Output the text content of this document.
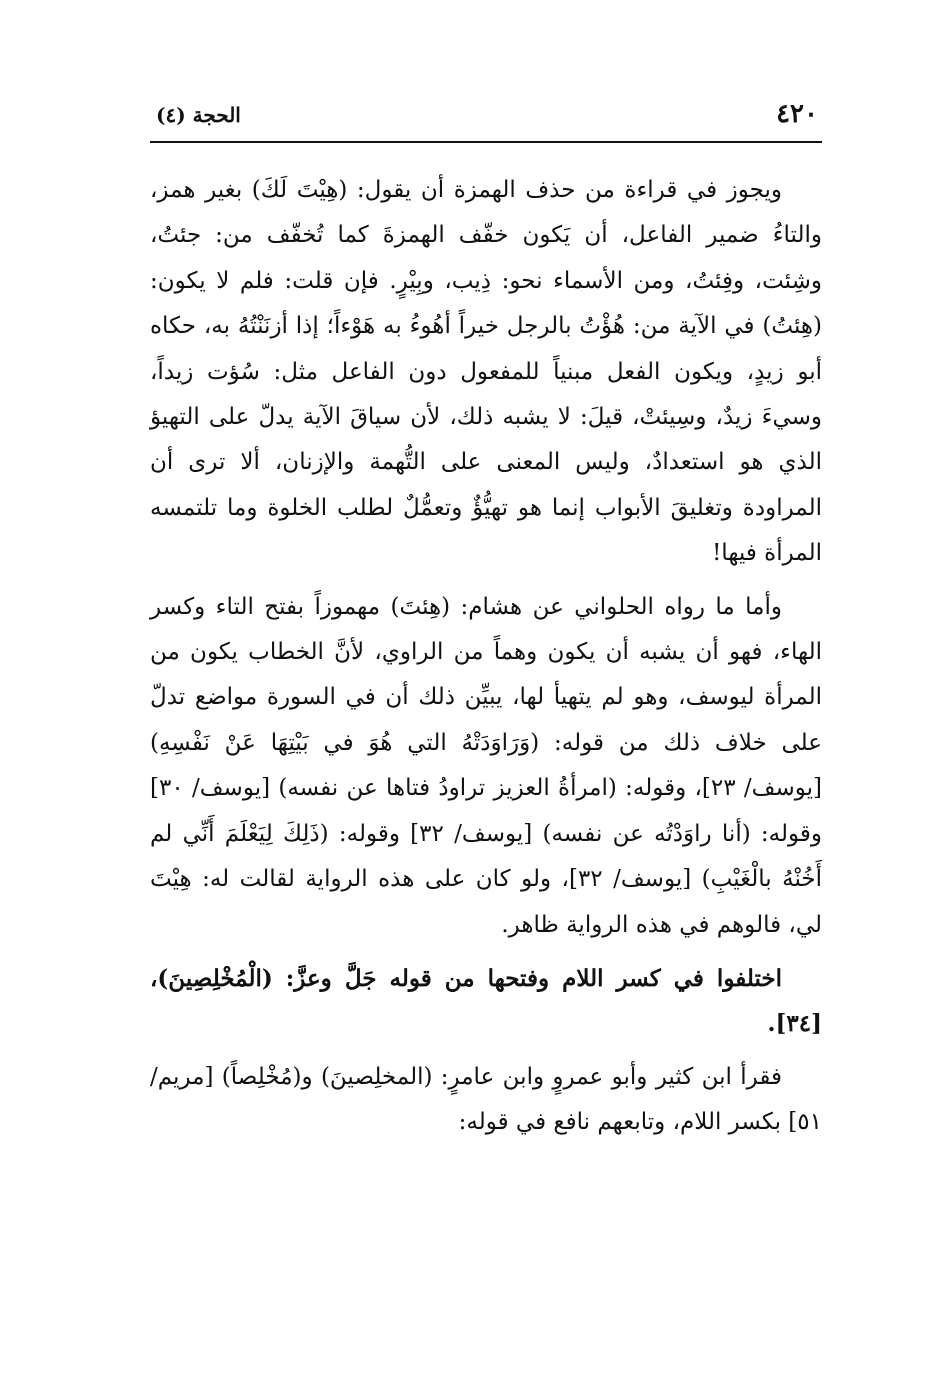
٤٢٠
الحجة (٤)

ويجوز في قراءة من حذف الهمزة أن يقول: (هِيْتَ لَكَ) بغير همز، والتاءُ ضمير الفاعل، أن يَكون خفّف الهمزةَ كما تُخفّف من: جئتُ، وشِئت، وفِئتُ، ومن الأسماء نحو: ذِيب، وبِيْرٍ. فإن قلت: فلم لا يكون: (هِئتُ) في الآية من: هُؤْتُ بالرجل خيراً أهُوءُ به هَوْءاً؛ إذا أزنَنْتُهُ به، حكاه أبو زيدٍ، ويكون الفعل مبنياً للمفعول دون الفاعل مثل: سُؤت زيداً، وسيءَ زيدٌ، وسِيئتْ، قيلَ: لا يشبه ذلك، لأن سياقَ الآية يدلّ على التهيؤ الذي هو استعدادٌ، وليس المعنى على التُّهمة والإزنان، ألا ترى أن المراودة وتغليقَ الأبواب إنما هو تهيُّؤٌ وتعمُّلٌ لطلب الخلوة وما تلتمسه المرأة فيها!

وأما ما رواه الحلواني عن هشام: (هِئتَ) مهموزاً بفتح التاء وكسر الهاء، فهو أن يشبه أن يكون وهماً من الراوي، لأنَّ الخطاب يكون من المرأة ليوسف، وهو لم يتهيأ لها، يبيِّن ذلك أن في السورة مواضع تدلّ على خلاف ذلك من قوله: (وَرَاوَدَتْهُ التي هُوَ في بَيْتِهَا عَنْ نَفْسِهِ) [يوسف/ ٢٣]، وقوله: (امرأةُ العزيز تراودُ فتاها عن نفسه) [يوسف/ ٣٠] وقوله: (أنا راوَدْتُه عن نفسه) [يوسف/ ٣٢] وقوله: (ذَلِكَ لِيَعْلَمَ أَنِّي لم أَخُنْهُ بالْغَيْبِ) [يوسف/ ٣٢]، ولو كان على هذه الرواية لقالت له: هِيْتَ لي، فالوهم في هذه الرواية ظاهر.

اختلفوا في كسر اللام وفتحها من قوله جَلَّ وعزَّ: (الْمُخْلِصِينَ)، [٣٤].

فقرأ ابن كثير وأبو عمروٍ وابن عامرٍ: (المخلِصينَ) و(مُخْلِصاً) [مريم/ ٥١] بكسر اللام، وتابعهم نافع في قوله:
